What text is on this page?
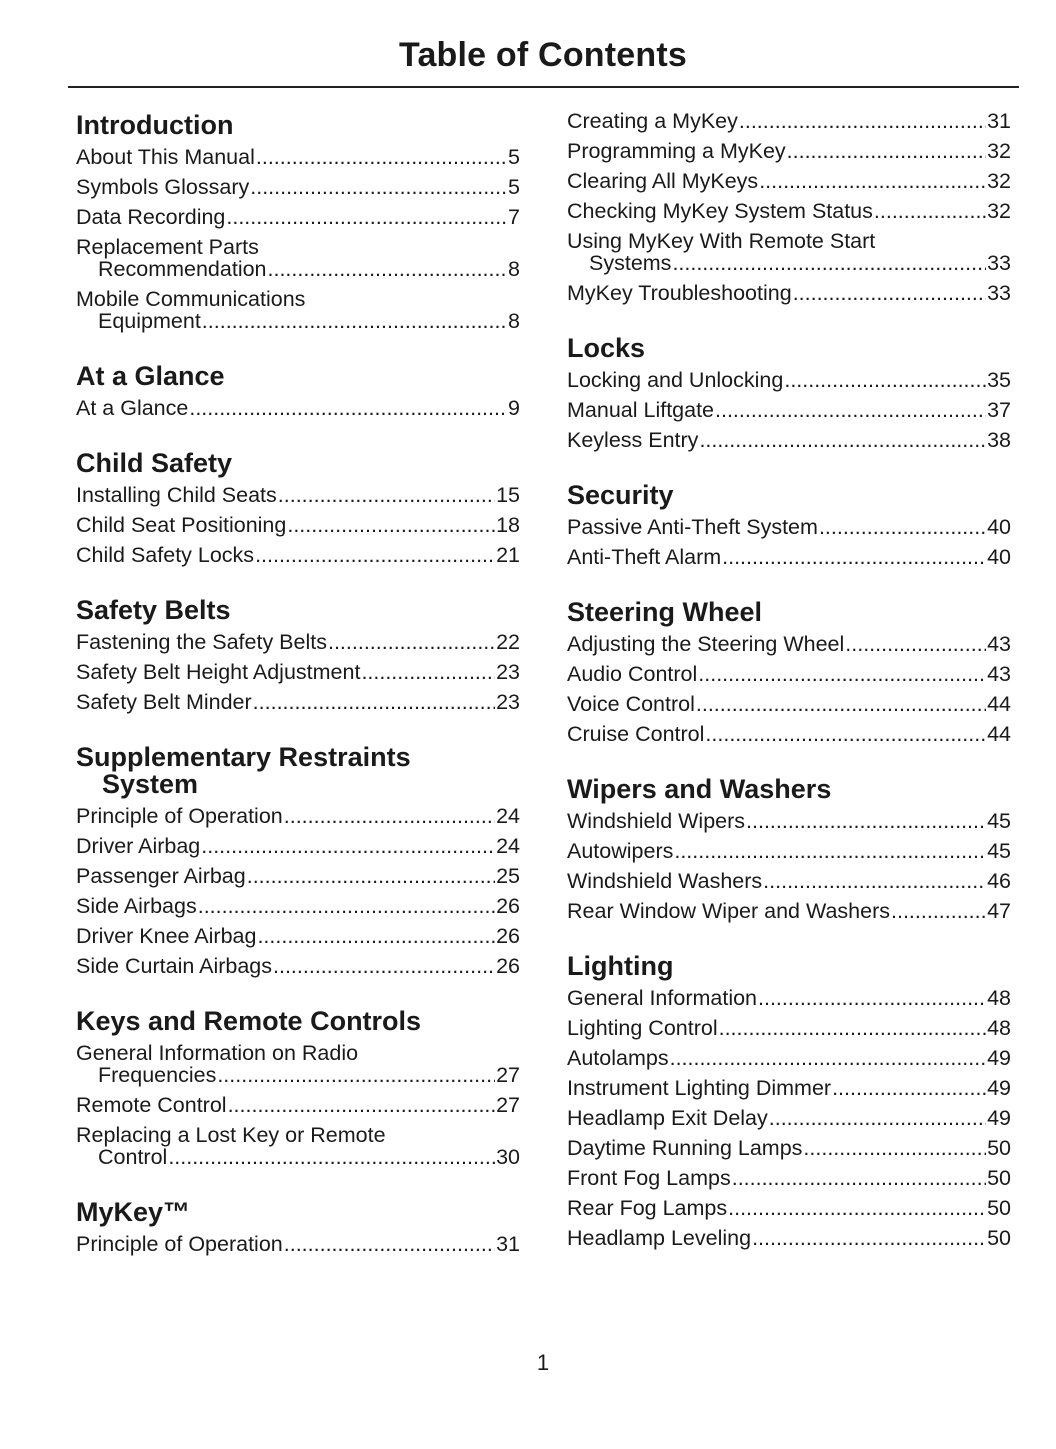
Table of Contents
Introduction
About This Manual .....	5
Symbols Glossary .....	5
Data Recording .....	7
Replacement Parts
Recommendation .....	8
Mobile Communications
Equipment .....	8
At a Glance
At a Glance .....	9
Child Safety
Installing Child Seats .....	15
Child Seat Positioning .....	18
Child Safety Locks .....	21
Safety Belts
Fastening the Safety Belts .....	22
Safety Belt Height Adjustment .....	23
Safety Belt Minder .....	23
Supplementary Restraints
System
Principle of Operation .....	24
Driver Airbag .....	24
Passenger Airbag .....	25
Side Airbags .....	26
Driver Knee Airbag .....	26
Side Curtain Airbags .....	26
Keys and Remote Controls
General Information on Radio
Frequencies .....	27
Remote Control .....	27
Replacing a Lost Key or Remote
Control .....	30
MyKey™
Principle of Operation .....	31
Creating a MyKey .....	31
Programming a MyKey .....	32
Clearing All MyKeys .....	32
Checking MyKey System Status .....	32
Using MyKey With Remote Start
Systems .....	33
MyKey Troubleshooting .....	33
Locks
Locking and Unlocking .....	35
Manual Liftgate .....	37
Keyless Entry .....	38
Security
Passive Anti-Theft System .....	40
Anti-Theft Alarm .....	40
Steering Wheel
Adjusting the Steering Wheel .....	43
Audio Control .....	43
Voice Control .....	44
Cruise Control .....	44
Wipers and Washers
Windshield Wipers .....	45
Autowipers .....	45
Windshield Washers .....	46
Rear Window Wiper and Washers .....	47
Lighting
General Information .....	48
Lighting Control .....	48
Autolamps .....	49
Instrument Lighting Dimmer .....	49
Headlamp Exit Delay .....	49
Daytime Running Lamps .....	50
Front Fog Lamps .....	50
Rear Fog Lamps .....	50
Headlamp Leveling .....	50
1
